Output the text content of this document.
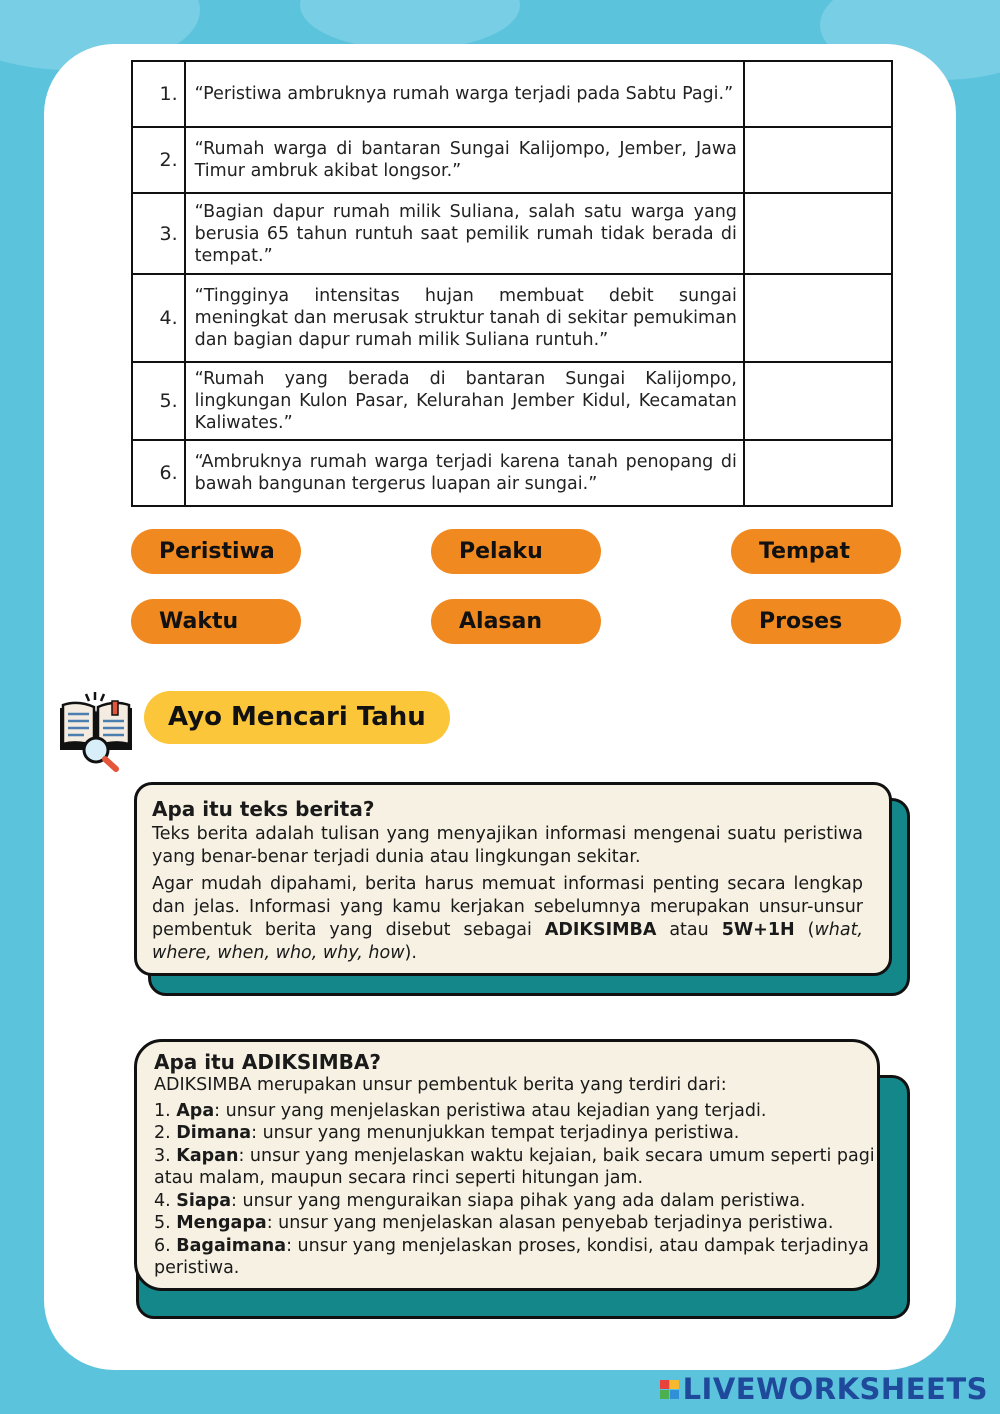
1.	“Peristiwa ambruknya rumah warga terjadi pada Sabtu Pagi.”	

2.	“Rumah warga di bantaran Sungai Kalijompo, Jember, Jawa Timur ambruk akibat longsor.”	

3.	“Bagian dapur rumah milik Suliana, salah satu warga yang berusia 65 tahun runtuh saat pemilik rumah tidak berada di tempat.”	

4.	“Tingginya intensitas hujan membuat debit sungai meningkat dan merusak struktur tanah di sekitar pemukiman dan bagian dapur rumah milik Suliana runtuh.”	

5.	“Rumah yang berada di bantaran Sungai Kalijompo, lingkungan Kulon Pasar, Kelurahan Jember Kidul, Kecamatan Kaliwates.”	

6.	“Ambruknya rumah warga terjadi karena tanah penopang di bawah bangunan tergerus luapan air sungai.”	
Peristiwa	Pelaku	Tempat
Waktu	Alasan	Proses
Ayo Mencari Tahu
Apa itu teks berita?

Teks berita adalah tulisan yang menyajikan informasi mengenai suatu peristiwa yang benar-benar terjadi dunia atau lingkungan sekitar.

Agar mudah dipahami, berita harus memuat informasi penting secara lengkap dan jelas. Informasi yang kamu kerjakan sebelumnya merupakan unsur-unsur pembentuk berita yang disebut sebagai ADIKSIMBA atau 5W+1H (what, where, when, who, why, how).

Apa itu ADIKSIMBA?

ADIKSIMBA merupakan unsur pembentuk berita yang terdiri dari:

1. Apa: unsur yang menjelaskan peristiwa atau kejadian yang terjadi.
2. Dimana: unsur yang menunjukkan tempat terjadinya peristiwa.
3. Kapan: unsur yang menjelaskan waktu kejaian, baik secara umum seperti pagi atau malam, maupun secara rinci seperti hitungan jam.
4. Siapa: unsur yang menguraikan siapa pihak yang ada dalam peristiwa.
5. Mengapa: unsur yang menjelaskan alasan penyebab terjadinya peristiwa.
6. Bagaimana: unsur yang menjelaskan proses, kondisi, atau dampak terjadinya peristiwa.
LIVEWORKSHEETS
